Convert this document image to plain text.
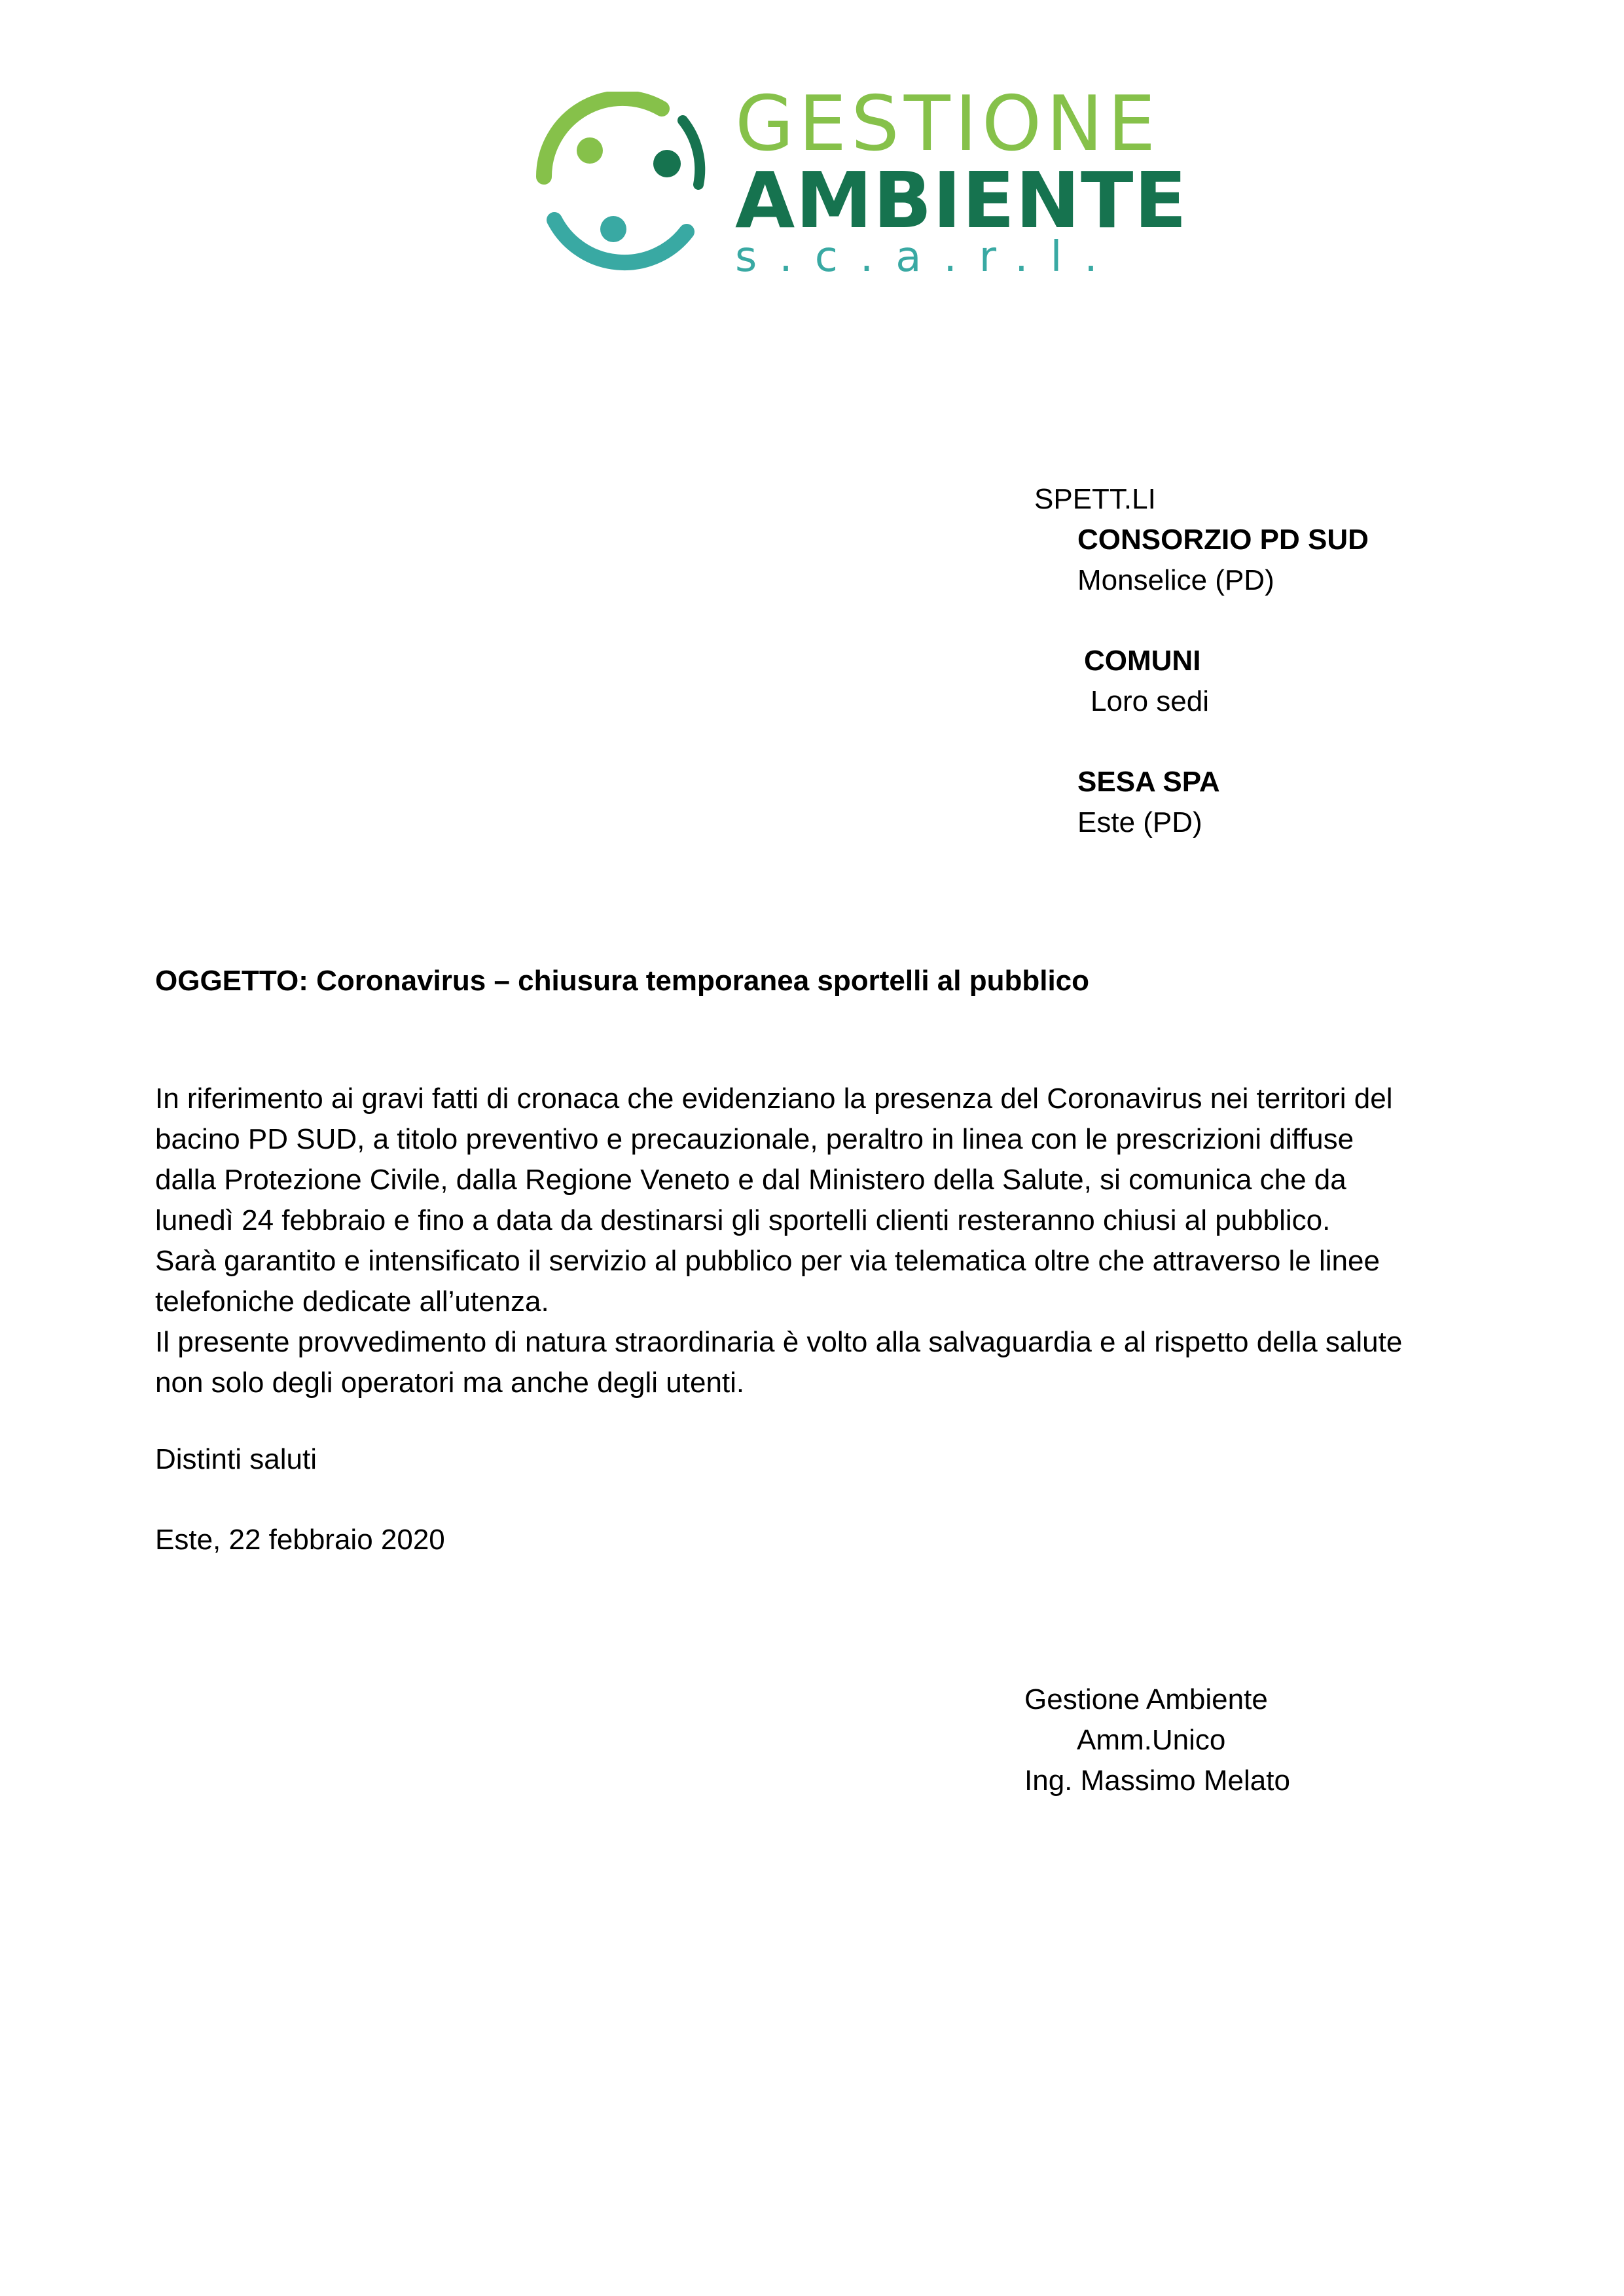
GESTIONE

AMBIENTE

s.c.a.r.l.

SPETT.LI

CONSORZIO PD SUD

Monselice (PD)

COMUNI

Loro sedi

SESA SPA

Este (PD)

OGGETTO: Coronavirus – chiusura temporanea sportelli al pubblico

In riferimento ai gravi fatti di cronaca che evidenziano la presenza del Coronavirus nei territori del

bacino PD SUD, a titolo preventivo e precauzionale, peraltro in linea con le prescrizioni diffuse

dalla Protezione Civile, dalla Regione Veneto e dal Ministero della Salute, si comunica che da

lunedì 24 febbraio e fino a data da destinarsi gli sportelli clienti resteranno chiusi al pubblico.

Sarà garantito e intensificato il servizio al pubblico per via telematica oltre che attraverso le linee

telefoniche dedicate all’utenza.

Il presente provvedimento di natura straordinaria è volto alla salvaguardia e al rispetto della salute

non solo degli operatori ma anche degli utenti.

Distinti saluti

Este, 22 febbraio 2020

Gestione Ambiente

Amm.Unico

Ing. Massimo Melato
